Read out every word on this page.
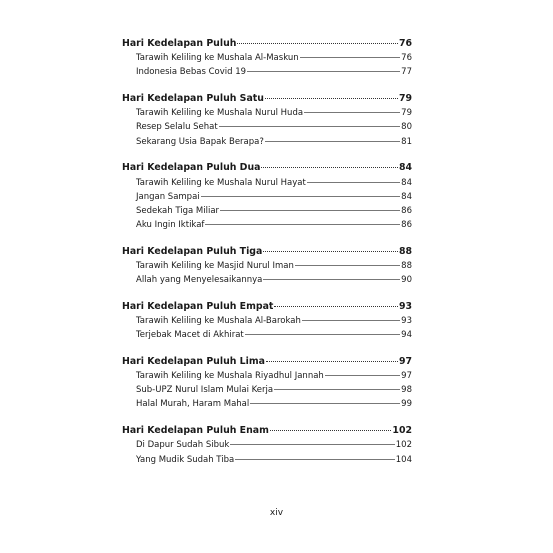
Hari Kedelapan Puluh	76
Tarawih Keliling ke Mushala Al-Maskun	76
Indonesia Bebas Covid 19	77
Hari Kedelapan Puluh Satu	79
Tarawih Keliling ke Mushala Nurul Huda	79
Resep Selalu Sehat	80
Sekarang Usia Bapak Berapa?	81
Hari Kedelapan Puluh Dua	84
Tarawih Keliling ke Mushala Nurul Hayat	84
Jangan Sampai	84
Sedekah Tiga Miliar	86
Aku Ingin Iktikaf	86
Hari Kedelapan Puluh Tiga	88
Tarawih Keliling ke Masjid Nurul Iman	88
Allah yang Menyelesaikannya	90
Hari Kedelapan Puluh Empat	93
Tarawih Keliling ke Mushala Al-Barokah	93
Terjebak Macet di Akhirat	94
Hari Kedelapan Puluh Lima	97
Tarawih Keliling ke Mushala Riyadhul Jannah	97
Sub-UPZ Nurul Islam Mulai Kerja	98
Halal Murah, Haram Mahal	99
Hari Kedelapan Puluh Enam	102
Di Dapur Sudah Sibuk	102
Yang Mudik Sudah Tiba	104
xiv
